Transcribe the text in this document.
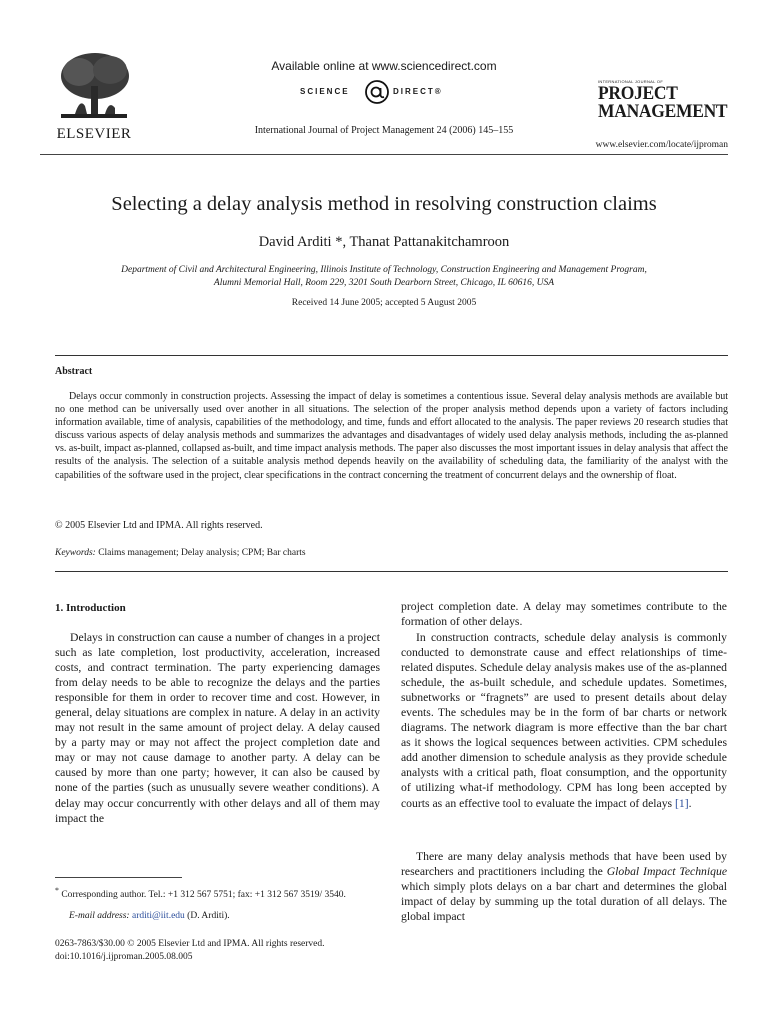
ELSEVIER
Available online at www.sciencedirect.com
SCIENCE	DIRECT®
International Journal of Project Management 24 (2006) 145–155
INTERNATIONAL JOURNAL OF
PROJECT
MANAGEMENT
www.elsevier.com/locate/ijproman
Selecting a delay analysis method in resolving construction claims
David Arditi *, Thanat Pattanakitchamroon
Department of Civil and Architectural Engineering, Illinois Institute of Technology, Construction Engineering and Management Program,
Alumni Memorial Hall, Room 229, 3201 South Dearborn Street, Chicago, IL 60616, USA
Received 14 June 2005; accepted 5 August 2005
Abstract

Delays occur commonly in construction projects. Assessing the impact of delay is sometimes a contentious issue. Several delay analysis methods are available but no one method can be universally used over another in all situations. The selection of the proper analysis method depends upon a variety of factors including information available, time of analysis, capabilities of the methodology, and time, funds and effort allocated to the analysis. The paper reviews 20 research studies that discuss various aspects of delay analysis methods and summarizes the advantages and disadvantages of widely used delay analysis methods, including the as-planned vs. as-built, impact as-planned, collapsed as-built, and time impact analysis methods. The paper also discusses the most important issues in delay analysis that affect the results of the analysis. The selection of a suitable analysis method depends heavily on the availability of scheduling data, the familiarity of the analyst with the capabilities of the software used in the project, clear specifications in the contract concerning the treatment of concurrent delays and the ownership of float.

© 2005 Elsevier Ltd and IPMA. All rights reserved.
Keywords: Claims management; Delay analysis; CPM; Bar charts
1. Introduction

Delays in construction can cause a number of changes in a project such as late completion, lost productivity, acceleration, increased costs, and contract termination. The party experiencing damages from delay needs to be able to recognize the delays and the parties responsible for them in order to recover time and cost. However, in general, delay situations are complex in nature. A delay in an activity may not result in the same amount of project delay. A delay caused by a party may or may not affect the project completion date and may or may not cause damage to another party. A delay can be caused by more than one party; however, it can also be caused by none of the parties (such as unusually severe weather conditions). A delay may occur concurrently with other delays and all of them may impact the

* Corresponding author. Tel.: +1 312 567 5751; fax: +1 312 567 3519/ 3540.

E-mail address: arditi@iit.edu (D. Arditi).
0263-7863/$30.00 © 2005 Elsevier Ltd and IPMA. All rights reserved.
doi:10.1016/j.ijproman.2005.08.005

project completion date. A delay may sometimes contribute to the formation of other delays.

In construction contracts, schedule delay analysis is commonly conducted to demonstrate cause and effect relationships of time-related disputes. Schedule delay analysis makes use of the as-planned schedule, the as-built schedule, and schedule updates. Sometimes, subnetworks or “fragnets” are used to present details about delay events. The schedules may be in the form of bar charts or network diagrams. The network diagram is more effective than the bar chart as it shows the logical sequences between activities. CPM schedules add another dimension to schedule analysis as they provide schedule analysts with a critical path, float consumption, and the opportunity of utilizing what-if methodology. CPM has long been accepted by courts as an effective tool to evaluate the impact of delays [1].

There are many delay analysis methods that have been used by researchers and practitioners including the Global Impact Technique which simply plots delays on a bar chart and determines the global impact of delay by summing up the total duration of all delays. The global impact
